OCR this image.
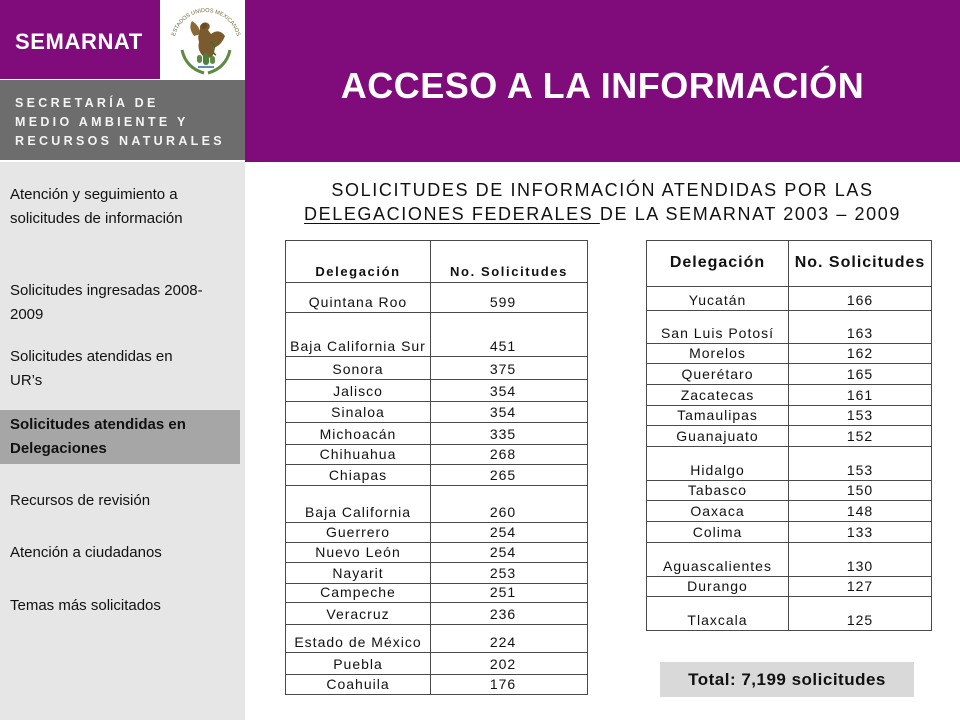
SEMARNAT	ESTADOS UNIDOS MEXICANOS
SECRETARÍA DE
MEDIO AMBIENTE Y
RECURSOS NATURALES
ACCESO A LA INFORMACIÓN
Atención y seguimiento a solicitudes de información
Solicitudes ingresadas 2008-2009
Solicitudes atendidas en UR’s
Solicitudes atendidas en Delegaciones
Recursos de revisión
Atención a ciudadanos
Temas más solicitados
SOLICITUDES DE INFORMACIÓN ATENDIDAS POR LAS
DELEGACIONES FEDERALES DE LA SEMARNAT 2003 – 2009
Delegación	No. Solicitudes
Quintana Roo	599
Baja California Sur	451
Sonora	375
Jalisco	354
Sinaloa	354
Michoacán	335
Chihuahua	268
Chiapas	265
Baja California	260
Guerrero	254
Nuevo León	254
Nayarit	253
Campeche	251
Veracruz	236
Estado de México	224
Puebla	202
Coahuila	176
Delegación	No. Solicitudes
Yucatán	166
San Luis Potosí	163
Morelos	162
Querétaro	165
Zacatecas	161
Tamaulipas	153
Guanajuato	152
Hidalgo	153
Tabasco	150
Oaxaca	148
Colima	133
Aguascalientes	130
Durango	127
Tlaxcala	125
Total: 7,199 solicitudes
